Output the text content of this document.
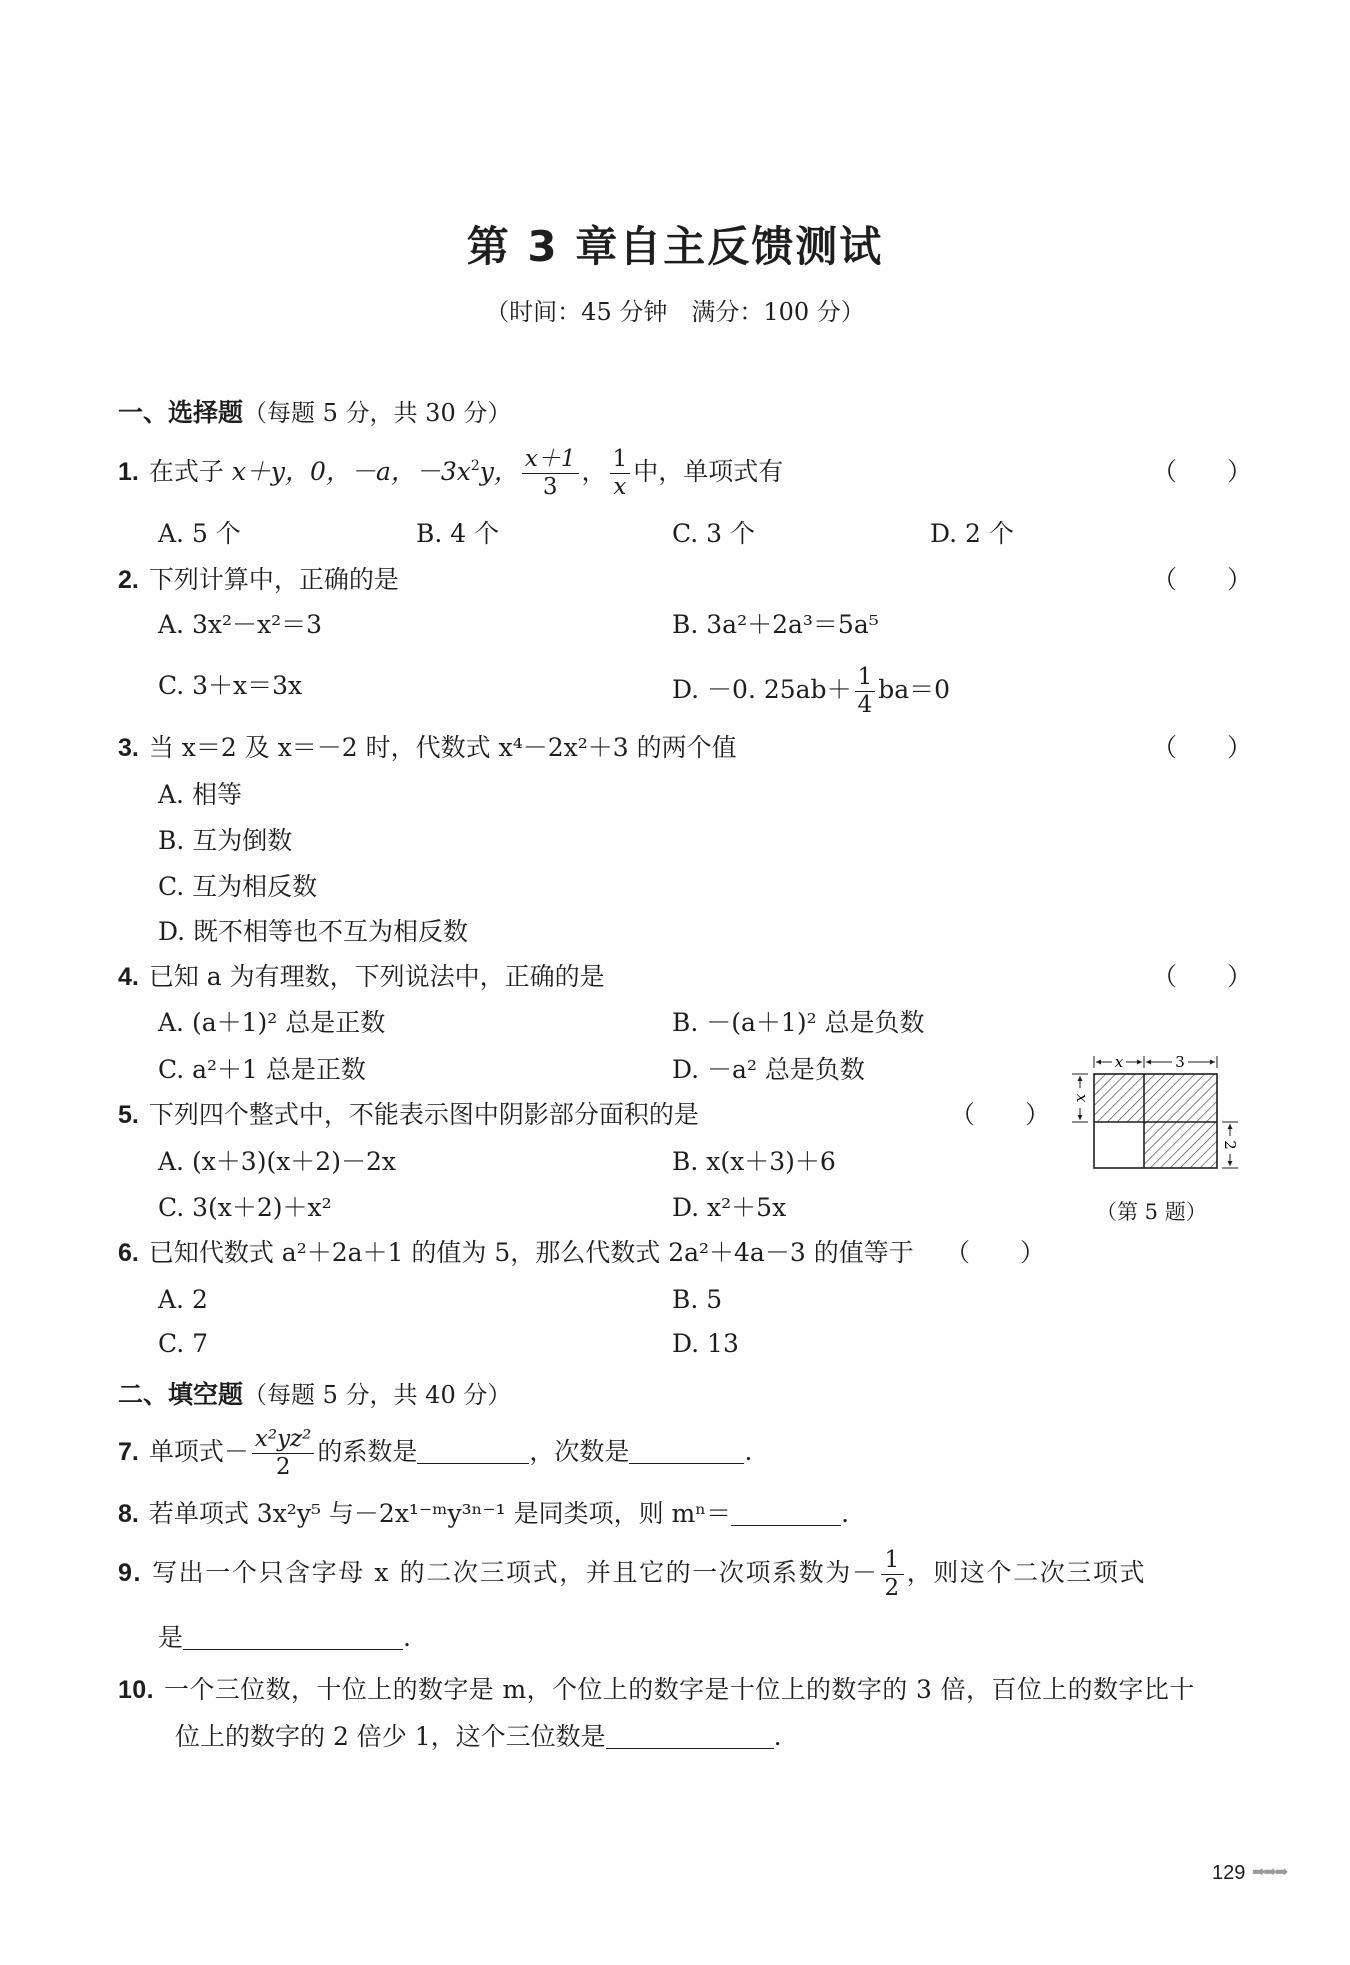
第 3 章自主反馈测试
（时间：45 分钟　满分：100 分）
一、选择题（每题 5 分，共 30 分）
1. 在式子 x＋y，0，－a，$-3x^2y$， $\frac{x+1}{3}$ ， $\frac{1}{x}$ 中，单项式有	（　　）
A. 5 个	B. 4 个	C. 3 个	D. 2 个
2. 下列计算中，正确的是	（　　）
A. 3x²－x²＝3	B. 3a²＋2a³＝5a⁵
C. 3＋x＝3x	D. －0. $25ab+ \frac{1}{4} ba=0$
3. 当 x＝2 及 x＝－2 时，代数式 x⁴－2x²＋3 的两个值	（　　）
A. 相等
B. 互为倒数
C. 互为相反数
D. 既不相等也不互为相反数
4. 已知 a 为有理数，下列说法中，正确的是	（　　）
A. (a＋1)² 总是正数	B. －(a＋1)² 总是负数
C. a²＋1 总是正数	D. －a² 总是负数
5. 下列四个整式中，不能表示图中阴影部分面积的是	（　　）
A. (x＋3)(x＋2)－2x	B. x(x＋3)＋6
C. 3(x＋2)＋x²	D. x²＋5x
x	3
x
2
（第 5 题）
6. 已知代数式 a²＋2a＋1 的值为 5，那么代数式 2a²＋4a－3 的值等于 （　　）
A. 2	B. 5
C. 7	D. 13
二、填空题（每题 5 分，共 40 分）
7. 单项式－ $\frac{\text{x²yz²}}{2}$ 的系数是	，次数是	.
8. 若单项式 3x²y⁵ 与－2x¹⁻ᵐy³ⁿ⁻¹ 是同类项，则 mⁿ＝	.
9. 写出一个只含字母 x 的二次三项式，并且它的一次项系数为－ $\frac{1}{2}$ ，则这个二次三项式
是	.
10. 一个三位数，十位上的数字是 m，个位上的数字是十位上的数字的 3 倍，百位上的数字比十
位上的数字的 2 倍少 1，这个三位数是	.
129 ➡➡➡
